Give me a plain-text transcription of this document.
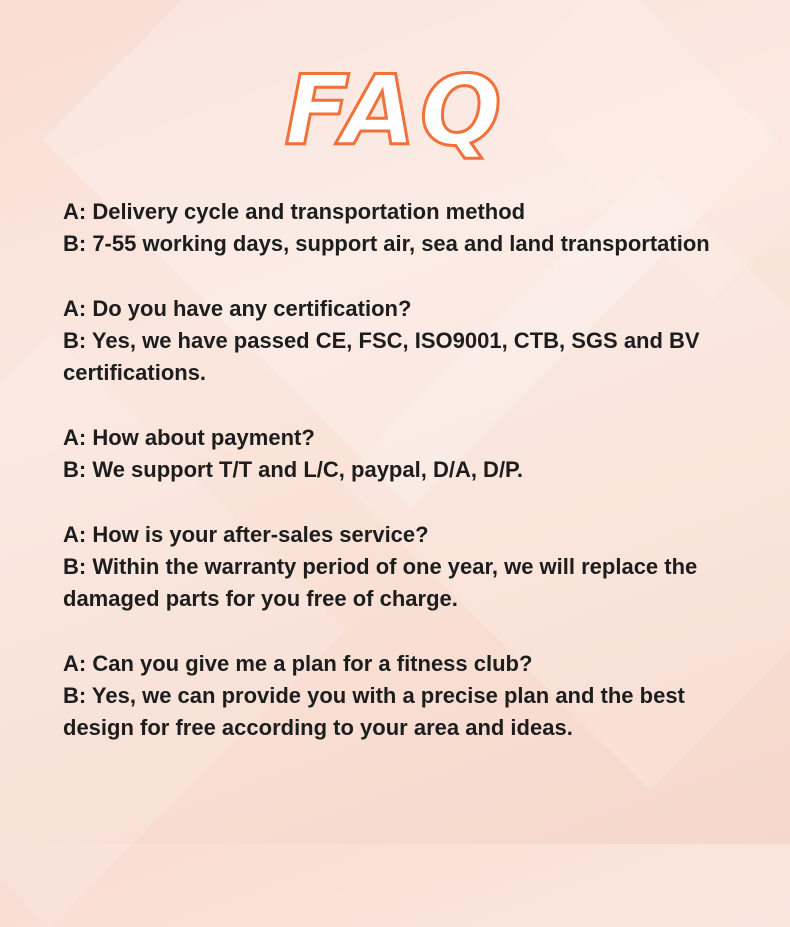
FAQ

A: Delivery cycle and transportation method

B: 7-55 working days, support air, sea and land transportation

A: Do you have any certification?

B: Yes, we have passed CE, FSC, ISO9001, CTB, SGS and BV certifications.

A: How about payment?

B: We support T/T and L/C, paypal, D/A, D/P.

A: How is your after-sales service?

B: Within the warranty period of one year, we will replace the damaged parts for you free of charge.

A: Can you give me a plan for a fitness club?

B: Yes, we can provide you with a precise plan and the best design for free according to your area and ideas.
